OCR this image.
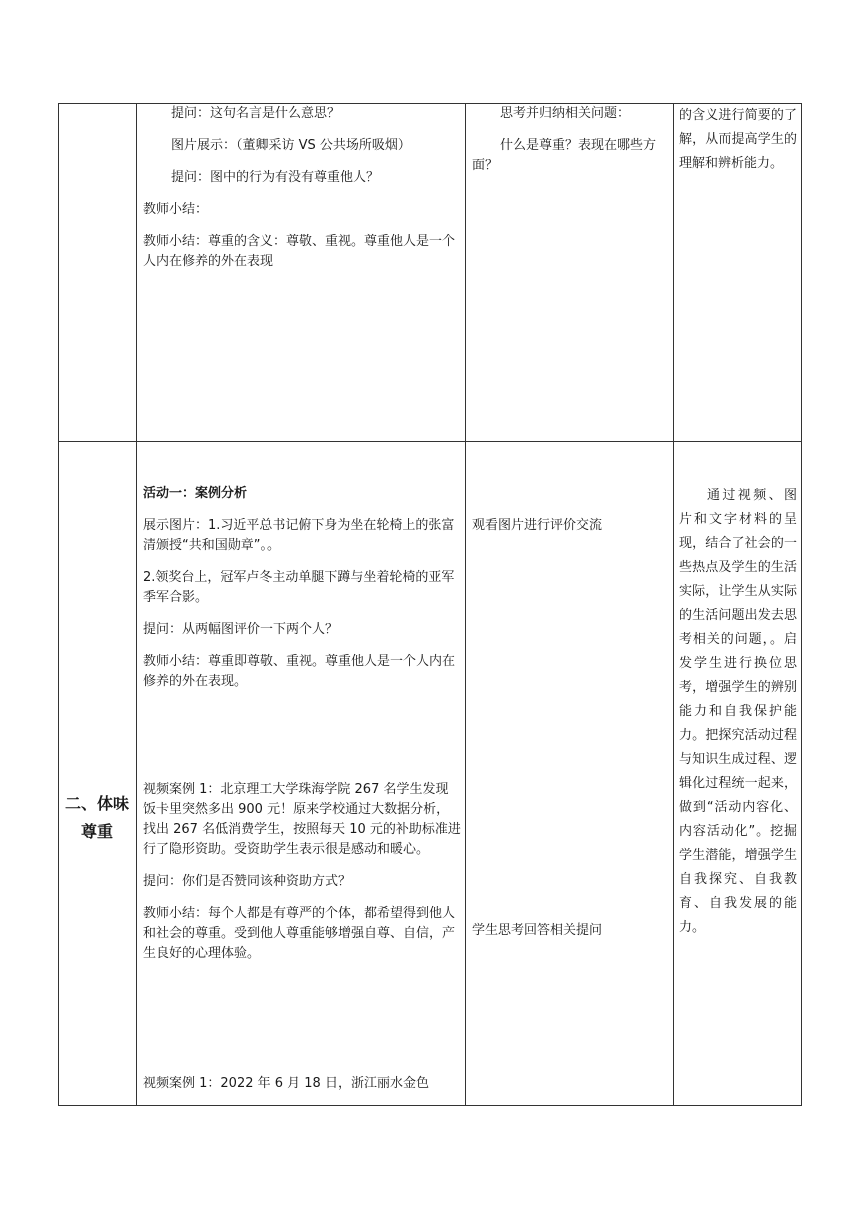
提问：这句名言是什么意思？

图片展示：（董卿采访 VS 公共场所吸烟）

提问：图中的行为有没有尊重他人？

教师小结：

教师小结：尊重的含义：尊敬、重视。尊重他人是一个人内在修养的外在表现

思考并归纳相关问题：

什么是尊重？表现在哪些方面？

的含义进行简要的了解，从而提高学生的理解和辨析能力。

二、体味尊重

活动一：案例分析

展示图片：1.习近平总书记俯下身为坐在轮椅上的张富清颁授“共和国勋章”。。

2.领奖台上，冠军卢冬主动单腿下蹲与坐着轮椅的亚军季军合影。

提问：从两幅图评价一下两个人？

教师小结：尊重即尊敬、重视。尊重他人是一个人内在修养的外在表现。

视频案例 1：北京理工大学珠海学院 267 名学生发现饭卡里突然多出 900 元！原来学校通过大数据分析，找出 267 名低消费学生，按照每天 10 元的补助标准进行了隐形资助。受资助学生表示很是感动和暖心。

提问：你们是否赞同该种资助方式？

教师小结：每个人都是有尊严的个体，都希望得到他人和社会的尊重。受到他人尊重能够增强自尊、自信，产生良好的心理体验。

视频案例 1：2022 年 6 月 18 日，浙江丽水金色

观看图片进行评价交流

学生思考回答相关提问

通过视频、图片和文字材料的呈现，结合了社会的一些热点及学生的生活实际，让学生从实际的生活问题出发去思考相关的问题，。启发学生进行换位思考，增强学生的辨别能力和自我保护能力。把探究活动过程与知识生成过程、逻辑化过程统一起来，做到“活动内容化、内容活动化”。挖掘学生潜能，增强学生自我探究、自我教育、自我发展的能力。
